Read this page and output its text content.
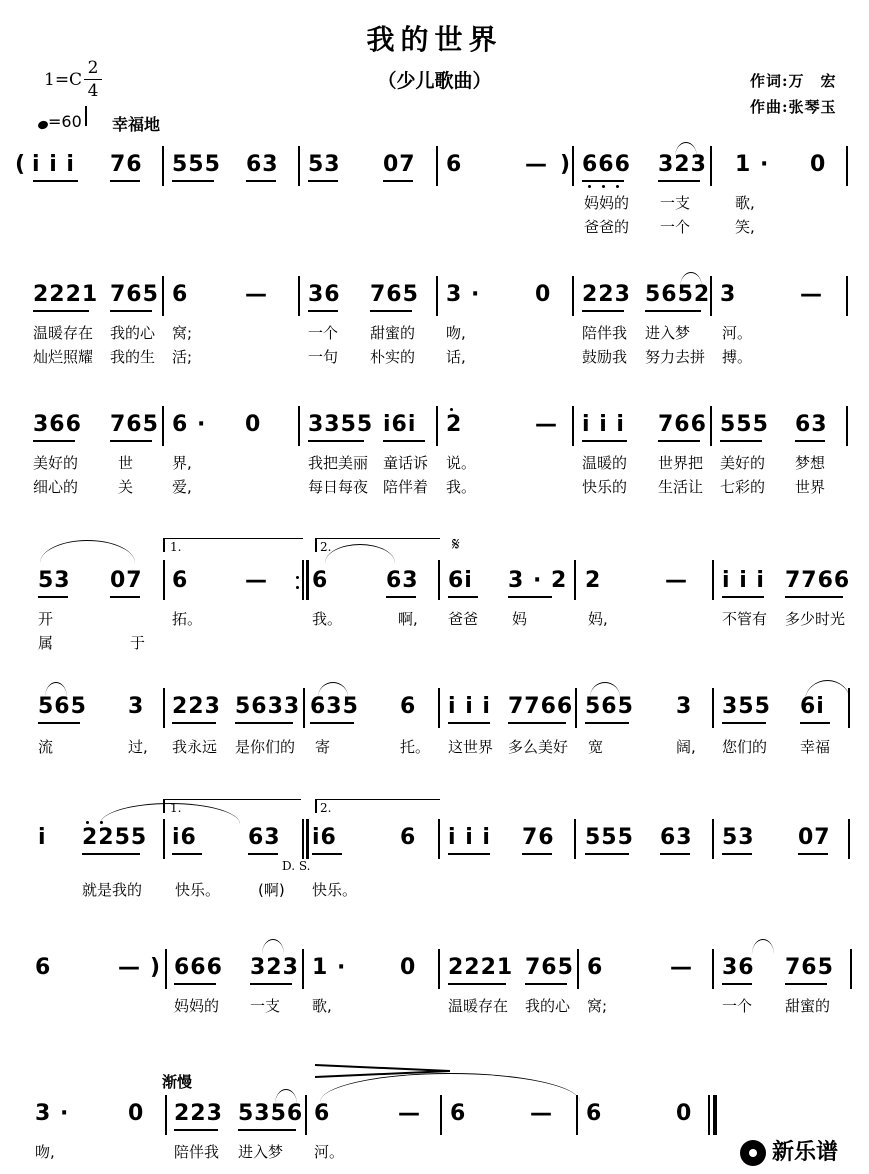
我的世界
（少儿歌曲）
1=C
2
4
=60 幸福地
作词:万　宏
作曲:张琴玉
( i i i 76 555 63 53 07 6	— ) 666 323 1 · 0
妈妈的 一支	歌,
爸爸的 一个	笑,
2221 765 6	— 36 765 3 · 0 223 5652 3	—
温暖存在 我的心 窝;	一个 甜蜜的 吻,	陪伴我 进入梦 河。
灿烂照耀 我的生 活;	一句 朴实的 话,	鼓励我 努力去拼 搏。
366 765 6 · 0 3355 i6i 2	— i i i 766 555 63
美好的	世	界,	我把美丽 童话诉 说。	温暖的 世界把 美好的 梦想
细心的	关	爱,	每日每夜 陪伴着 我。	快乐的 生活让 七彩的 世界
1.	2.	𝄋
53 07 6	— 6	63 6i 3 · 2 2	— i i i 7766
开	拓。	我。	啊, 爸爸 妈	妈,	不管有 多少时光
属	于
565 3 223 5633 635 6 i i i 7766 565 3 355 6i
流	过, 我永远 是你们的 寄	托。 这世界 多么美好 宽	阔, 您们的 幸福
1.	2.
i 2255 i6 63 i6	6 i i i 76 555 63 53 07
D. S.
就是我的 快乐。	(啊) 快乐。
6	— ) 666 323 1 · 0 2221 765 6	— 36 765
妈妈的 一支 歌,	温暖存在 我的心 窝;	一个 甜蜜的
渐慢
3 ·	0 223 5356 6	— 6	— 6	0
吻,	陪伴我 进入梦 河。	新乐谱
